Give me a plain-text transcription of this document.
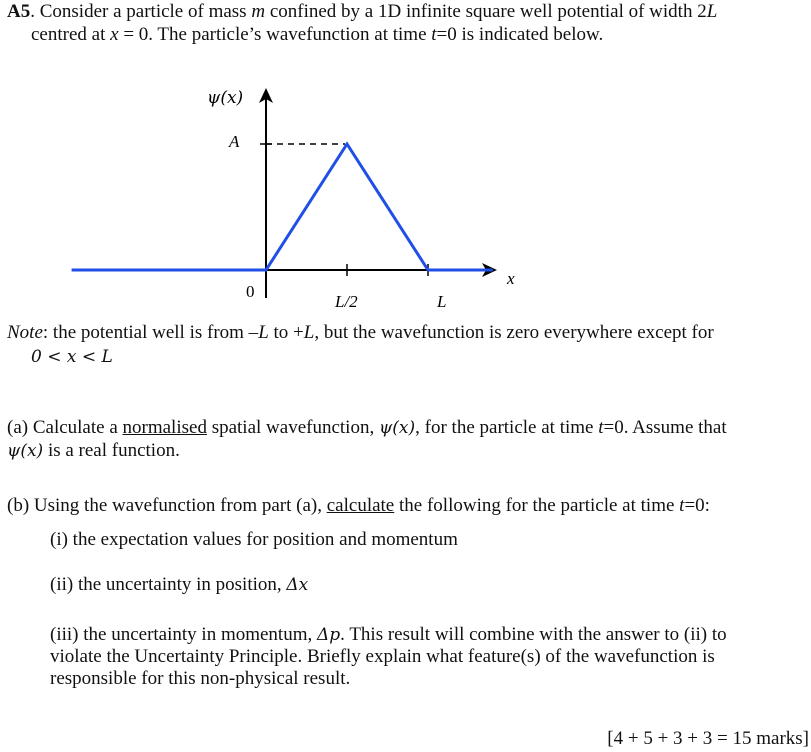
A5. Consider a particle of mass m confined by a 1D infinite square well potential of width 2L
centred at x = 0. The particle’s wavefunction at time t=0 is indicated below.
ψ(x)
A
0
L/2	L
x
Note: the potential well is from –L to +L, but the wavefunction is zero everywhere except for
0 < x < L
(a) Calculate a normalised spatial wavefunction, ψ(x), for the particle at time t=0. Assume that
ψ(x) is a real function.
(b) Using the wavefunction from part (a), calculate the following for the particle at time t=0:
(i) the expectation values for position and momentum
(ii) the uncertainty in position, Δx
(iii) the uncertainty in momentum, Δp. This result will combine with the answer to (ii) to
violate the Uncertainty Principle. Briefly explain what feature(s) of the wavefunction is
responsible for this non-physical result.
[4 + 5 + 3 + 3 = 15 marks]
